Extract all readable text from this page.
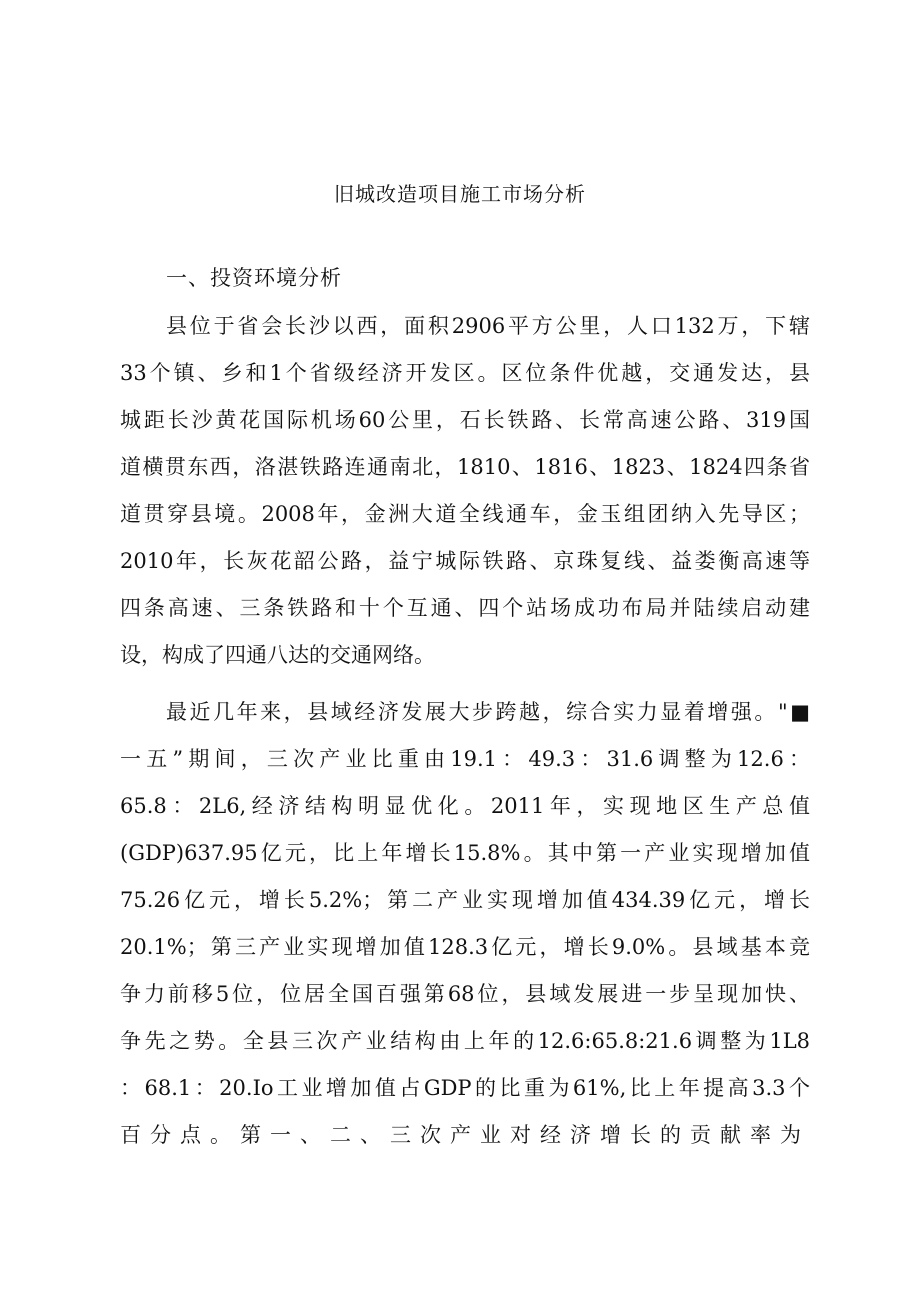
旧城改造项目施工市场分析
一、投资环境分析
县位于省会长沙以西，面积2906平方公里，人口132万，下辖
33个镇、乡和1个省级经济开发区。区位条件优越，交通发达，县
城距长沙黄花国际机场60公里，石长铁路、长常高速公路、319国
道横贯东西，洛湛铁路连通南北，1810、1816、1823、1824四条省
道贯穿县境。2008年，金洲大道全线通车，金玉组团纳入先导区；
2010年，长灰花韶公路，益宁城际铁路、京珠复线、益娄衡高速等
四条高速、三条铁路和十个互通、四个站场成功布局并陆续启动建
设，构成了四通八达的交通网络。
最近几年来，县域经济发展大步跨越，综合实力显着增强。"■
一五”期间，三次产业比重由19.1：49.3：31.6调整为12.6：
65.8：2L6,经济结构明显优化。2011年，实现地区生产总值
(GDP)637.95亿元，比上年增长15.8%。其中第一产业实现增加值
75.26亿元，增长5.2%；第二产业实现增加值434.39亿元，增长
20.1%；第三产业实现增加值128.3亿元，增长9.0%。县域基本竞
争力前移5位，位居全国百强第68位，县域发展进一步呈现加快、
争先之势。全县三次产业结构由上年的12.6:65.8:21.6调整为1L8
：68.1：20.Io工业增加值占GDP的比重为61%,比上年提高3.3个
百分点。第一、二、三次产业对经济增长的贡献率为
